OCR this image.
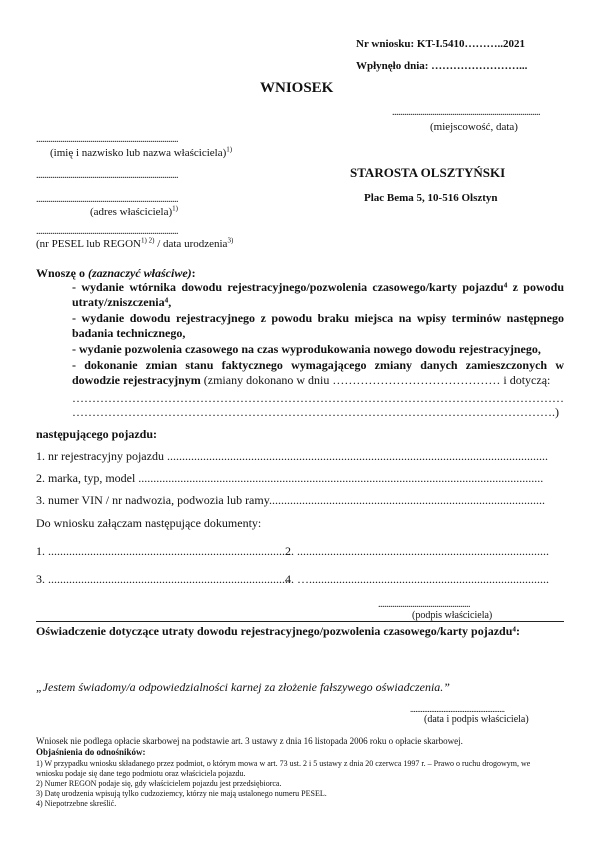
Nr wniosku: KT-I.5410………..2021
Wpłynęło dnia: ……………………...
WNIOSEK
..........................................................................
(miejscowość, data)
.......................................................................
(imię i nazwisko lub nazwa właściciela)$^{1)}$
.......................................................................
.......................................................................
(adres właściciela)$^{1)}$
.......................................................................
(nr PESEL lub $REGON^{1) 2)}$ / data urodzenia$^{3)}$
STAROSTA OLSZTYŃSKI
Plac Bema 5, 10-516 Olsztyn
Wnoszę o (zaznaczyć właściwe):
- wydanie wtórnika dowodu rejestracyjnego/pozwolenia czasowego/karty pojazdu⁴ z powodu utraty/zniszczenia⁴,
- wydanie dowodu rejestracyjnego z powodu braku miejsca na wpisy terminów następnego badania technicznego,
- wydanie pozwolenia czasowego na czas wyprodukowania nowego dowodu rejestracyjnego,
- dokonanie zmian stanu faktycznego wymagającego zmiany danych zamieszczonych w dowodzie rejestracyjnym (zmiany dokonano w dniu …………………………………… i dotyczą:
……………………………………………………………………………………………………………
………………………………………………………………………………………………………….)
następującego pojazdu:
1. nr rejestracyjny pojazdu ...............................................................................................................................
2. marka, typ, model .......................................................................................................................................
3. numer VIN / nr nadwozia, podwozia lub ramy............................................................................................
Do wniosku załączam następujące dokumenty:
1. .................................................................................
2. ....................................................................................
3. .................................................................................
4. …................................................................................
..............................................
(podpis właściciela)
Oświadczenie dotyczące utraty dowodu rejestracyjnego/pozwolenia czasowego/karty pojazdu⁴:
„Jestem świadomy/a odpowiedzialności karnej za złożenie fałszywego oświadczenia.”
......................................................
(data i podpis właściciela)
Wniosek nie podlega opłacie skarbowej na podstawie art. 3 ustawy z dnia 16 listopada 2006 roku o opłacie skarbowej.
Objaśnienia do odnośników:
1) W przypadku wniosku składanego przez podmiot, o którym mowa w art. 73 ust. 2 i 5 ustawy z dnia 20 czerwca 1997 r. – Prawo o ruchu drogowym, we
wniosku podaje się dane tego podmiotu oraz właściciela pojazdu.
2) Numer REGON podaje się, gdy właścicielem pojazdu jest przedsiębiorca.
3) Datę urodzenia wpisują tylko cudzoziemcy, którzy nie mają ustalonego numeru PESEL.
4) Niepotrzebne skreślić.
